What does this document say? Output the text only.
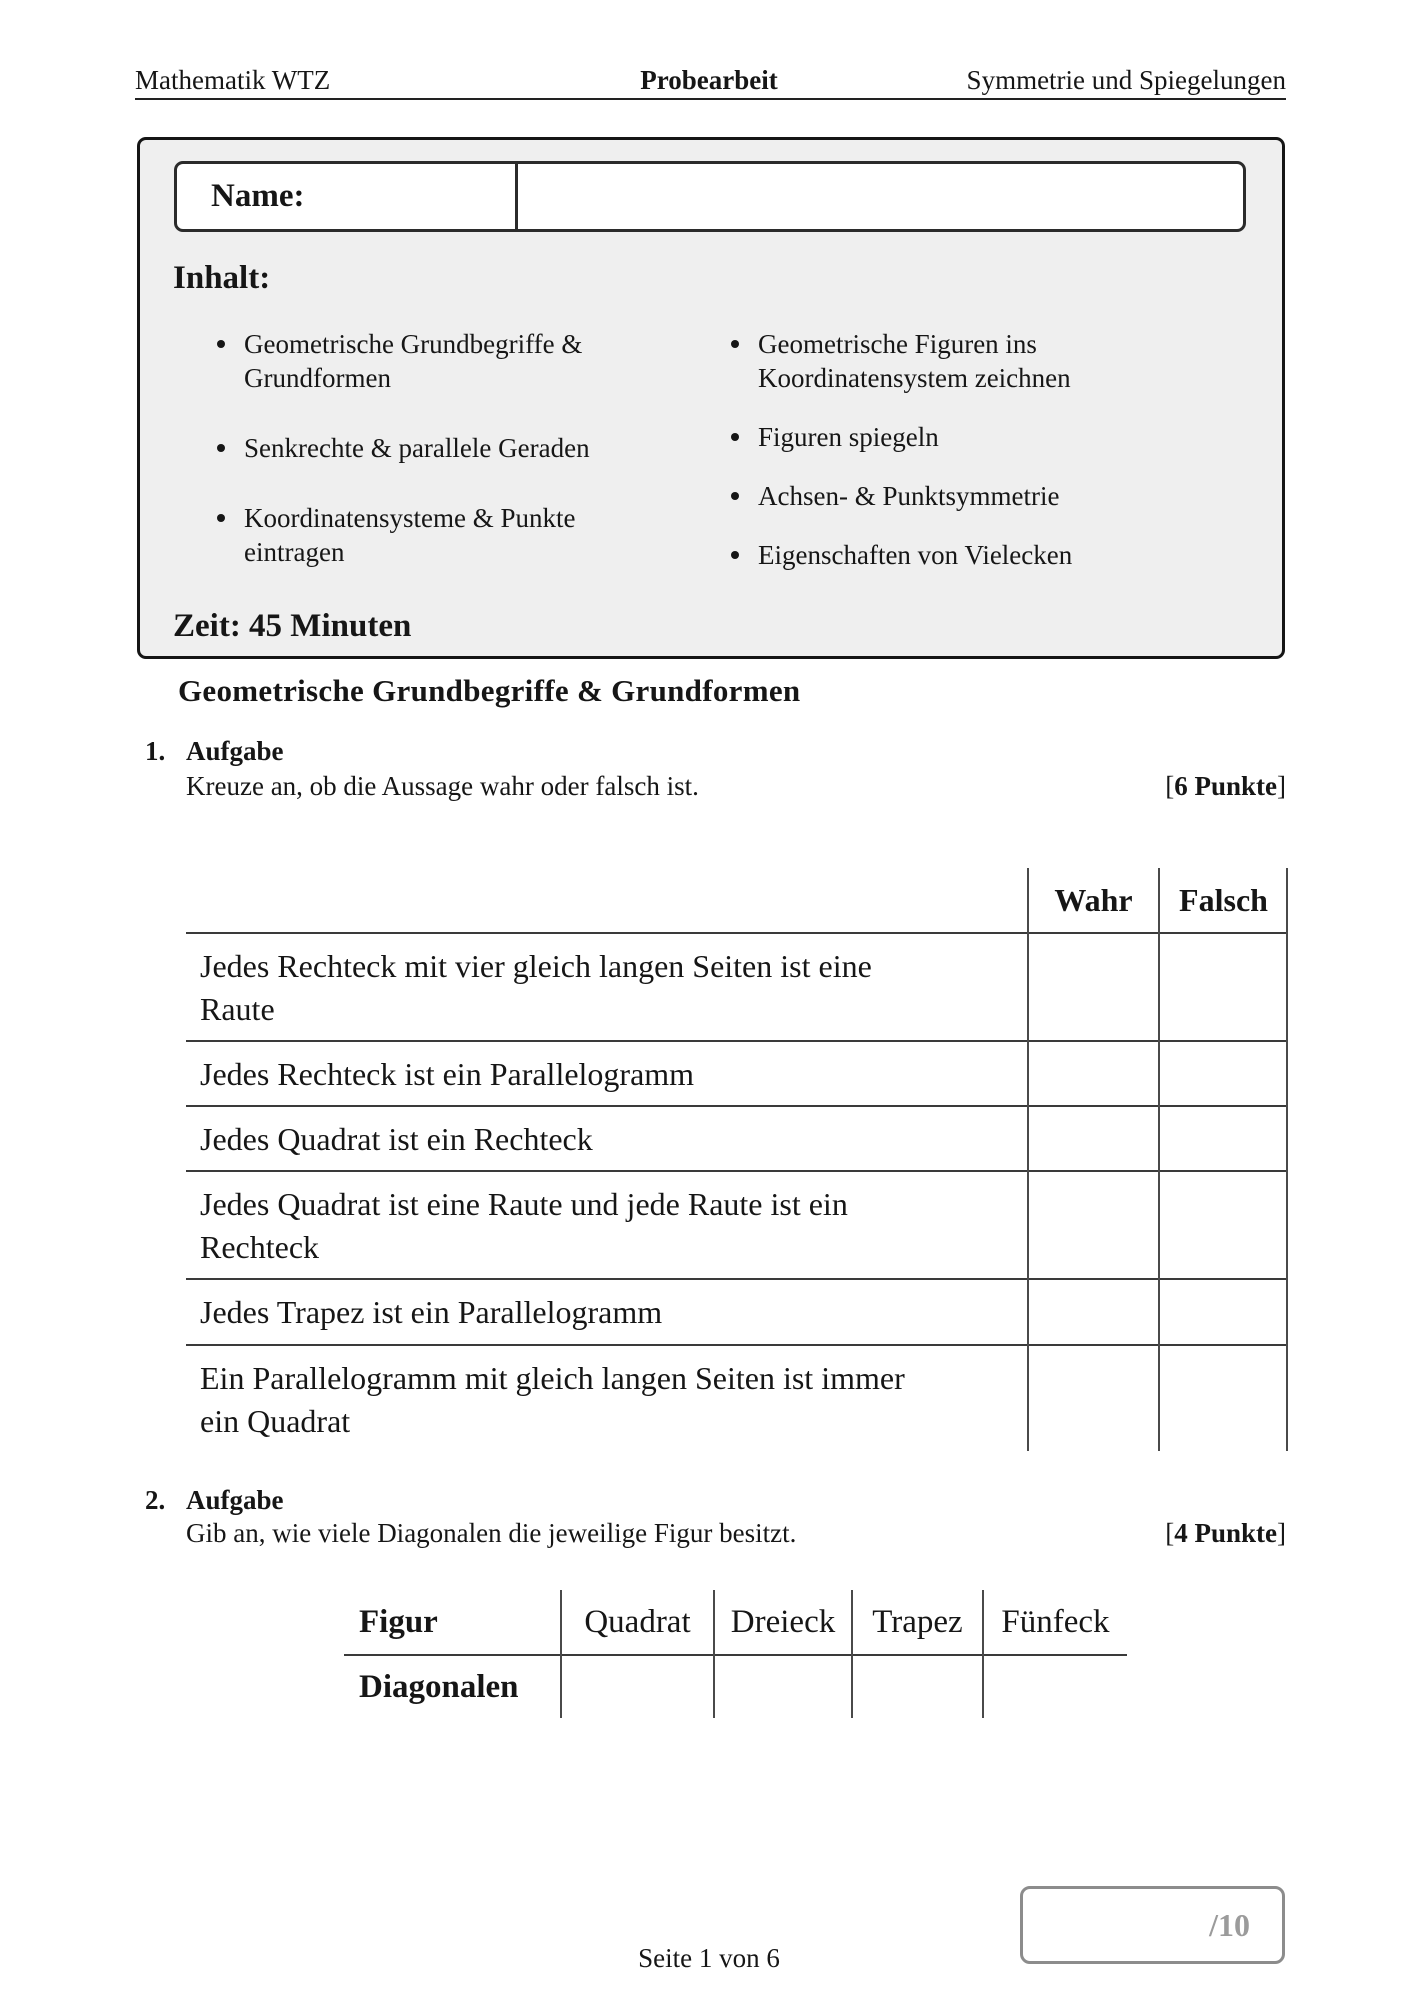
Mathematik WTZ	Probearbeit	Symmetrie und Spiegelungen
Name:
Inhalt:
Geometrische Grundbegriffe & Grundformen
Senkrechte & parallele Geraden
Koordinatensysteme & Punkte eintragen
Geometrische Figuren ins Koordinatensystem zeichnen
Figuren spiegeln
Achsen- & Punktsymmetrie
Eigenschaften von Vielecken
Zeit: 45 Minuten
Geometrische Grundbegriffe & Grundformen
1. Aufgabe
Kreuze an, ob die Aussage wahr oder falsch ist.	[6 Punkte]
Wahr	Falsch
Jedes Rechteck mit vier gleich langen Seiten ist eine Raute
Jedes Rechteck ist ein Parallelogramm
Jedes Quadrat ist ein Rechteck
Jedes Quadrat ist eine Raute und jede Raute ist ein Rechteck
Jedes Trapez ist ein Parallelogramm
Ein Parallelogramm mit gleich langen Seiten ist immer ein Quadrat
2. Aufgabe
Gib an, wie viele Diagonalen die jeweilige Figur besitzt.	[4 Punkte]
Figur	Quadrat	Dreieck	Trapez	Fünfeck
Diagonalen
/10
Seite 1 von 6
